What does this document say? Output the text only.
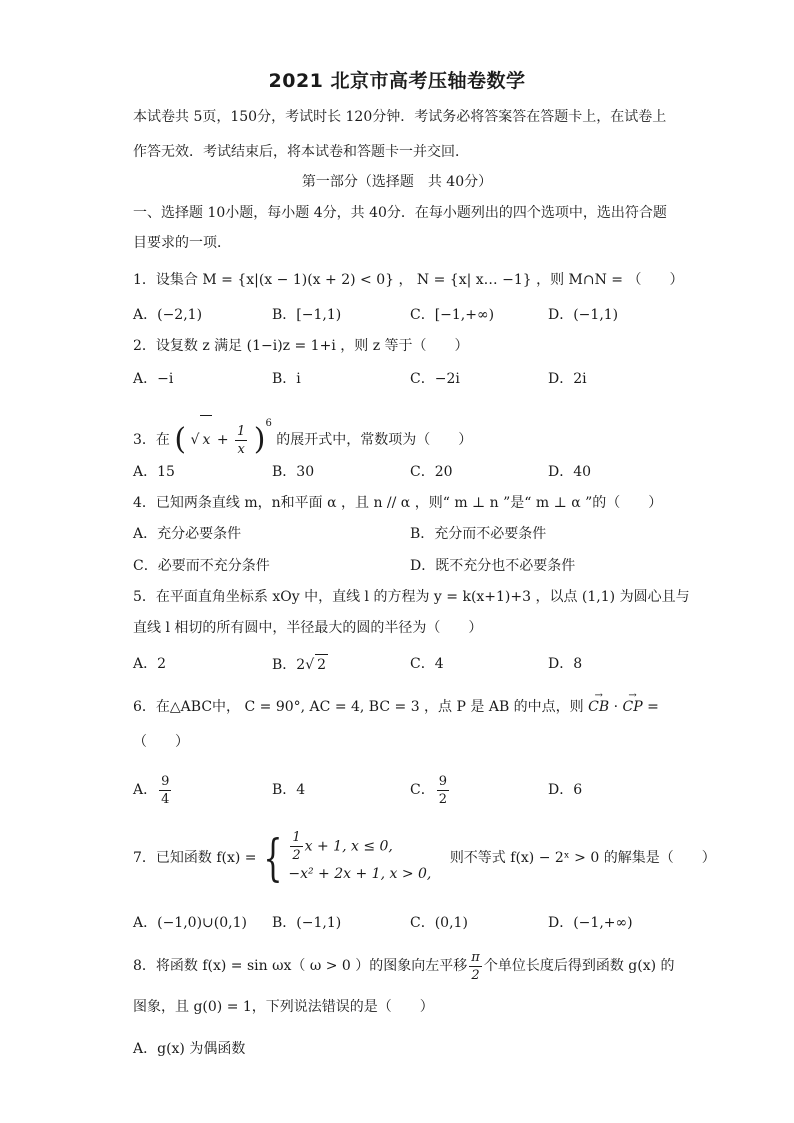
2021 北京市高考压轴卷数学
本试卷共 5页，150分，考试时长 120分钟．考试务必将答案答在答题卡上，在试卷上
作答无效．考试结束后，将本试卷和答题卡一并交回．
第一部分（选择题　共 40分）
一、选择题 10小题，每小题 4分，共 40分．在每小题列出的四个选项中，选出符合题
目要求的一项．
1．设集合 M = {x|(x − 1)(x + 2) < 0} ， N = {x| x… −1} ，则 M∩N = （　　）
A．(−2,1)	B．[−1,1)	C．[−1,+∞)	D．(−1,1)
2．设复数 z 满足 (1−i)z = 1+i ，则 z 等于（　　）
A．−i	B．i	C．−2i	D．2i
3．在 ( √ $x + \frac{1}{x} )^6$ 的展开式中，常数项为（　　）
A．15	B．30	C．20	D．40
4．已知两条直线 m，n和平面 α ，且 n // α ，则“ m ⊥ n ”是“ m ⊥ α ”的（　　）
A．充分必要条件	B．充分而不必要条件
C．必要而不充分条件	D．既不充分也不必要条件
5．在平面直角坐标系 xOy 中，直线 l 的方程为 y = k(x+1)+3 ，以点 (1,1) 为圆心且与
直线 l 相切的所有圆中，半径最大的圆的半径为（　　）
A．2	B．2√ 2	C．4	D．8
6．在△ABC中， C = 90°, AC = 4, BC = 3 ，点 P 是 AB 的中点，则 → CB · → CP =
（　　）
A． $\frac{9}{4}$	B．4	C． $\frac{9}{2}$	D．6
7．已知函数 f(x) = { $\frac{1}{2}$ x + 1, x ≤ 0,
−x² + 2x + 1, x > 0,
则不等式 f(x) − 2ˣ > 0 的解集是（　　）
A．(−1,0)∪(0,1) B．(−1,1)	C．(0,1)	D．(−1,+∞)
8．将函数 f(x) = sin ωx（ ω > 0 ）的图象向左平移 $\frac{\pi}{2}$ 个单位长度后得到函数 g(x) 的
图象，且 g(0) = 1，下列说法错误的是（　　）
A．g(x) 为偶函数
